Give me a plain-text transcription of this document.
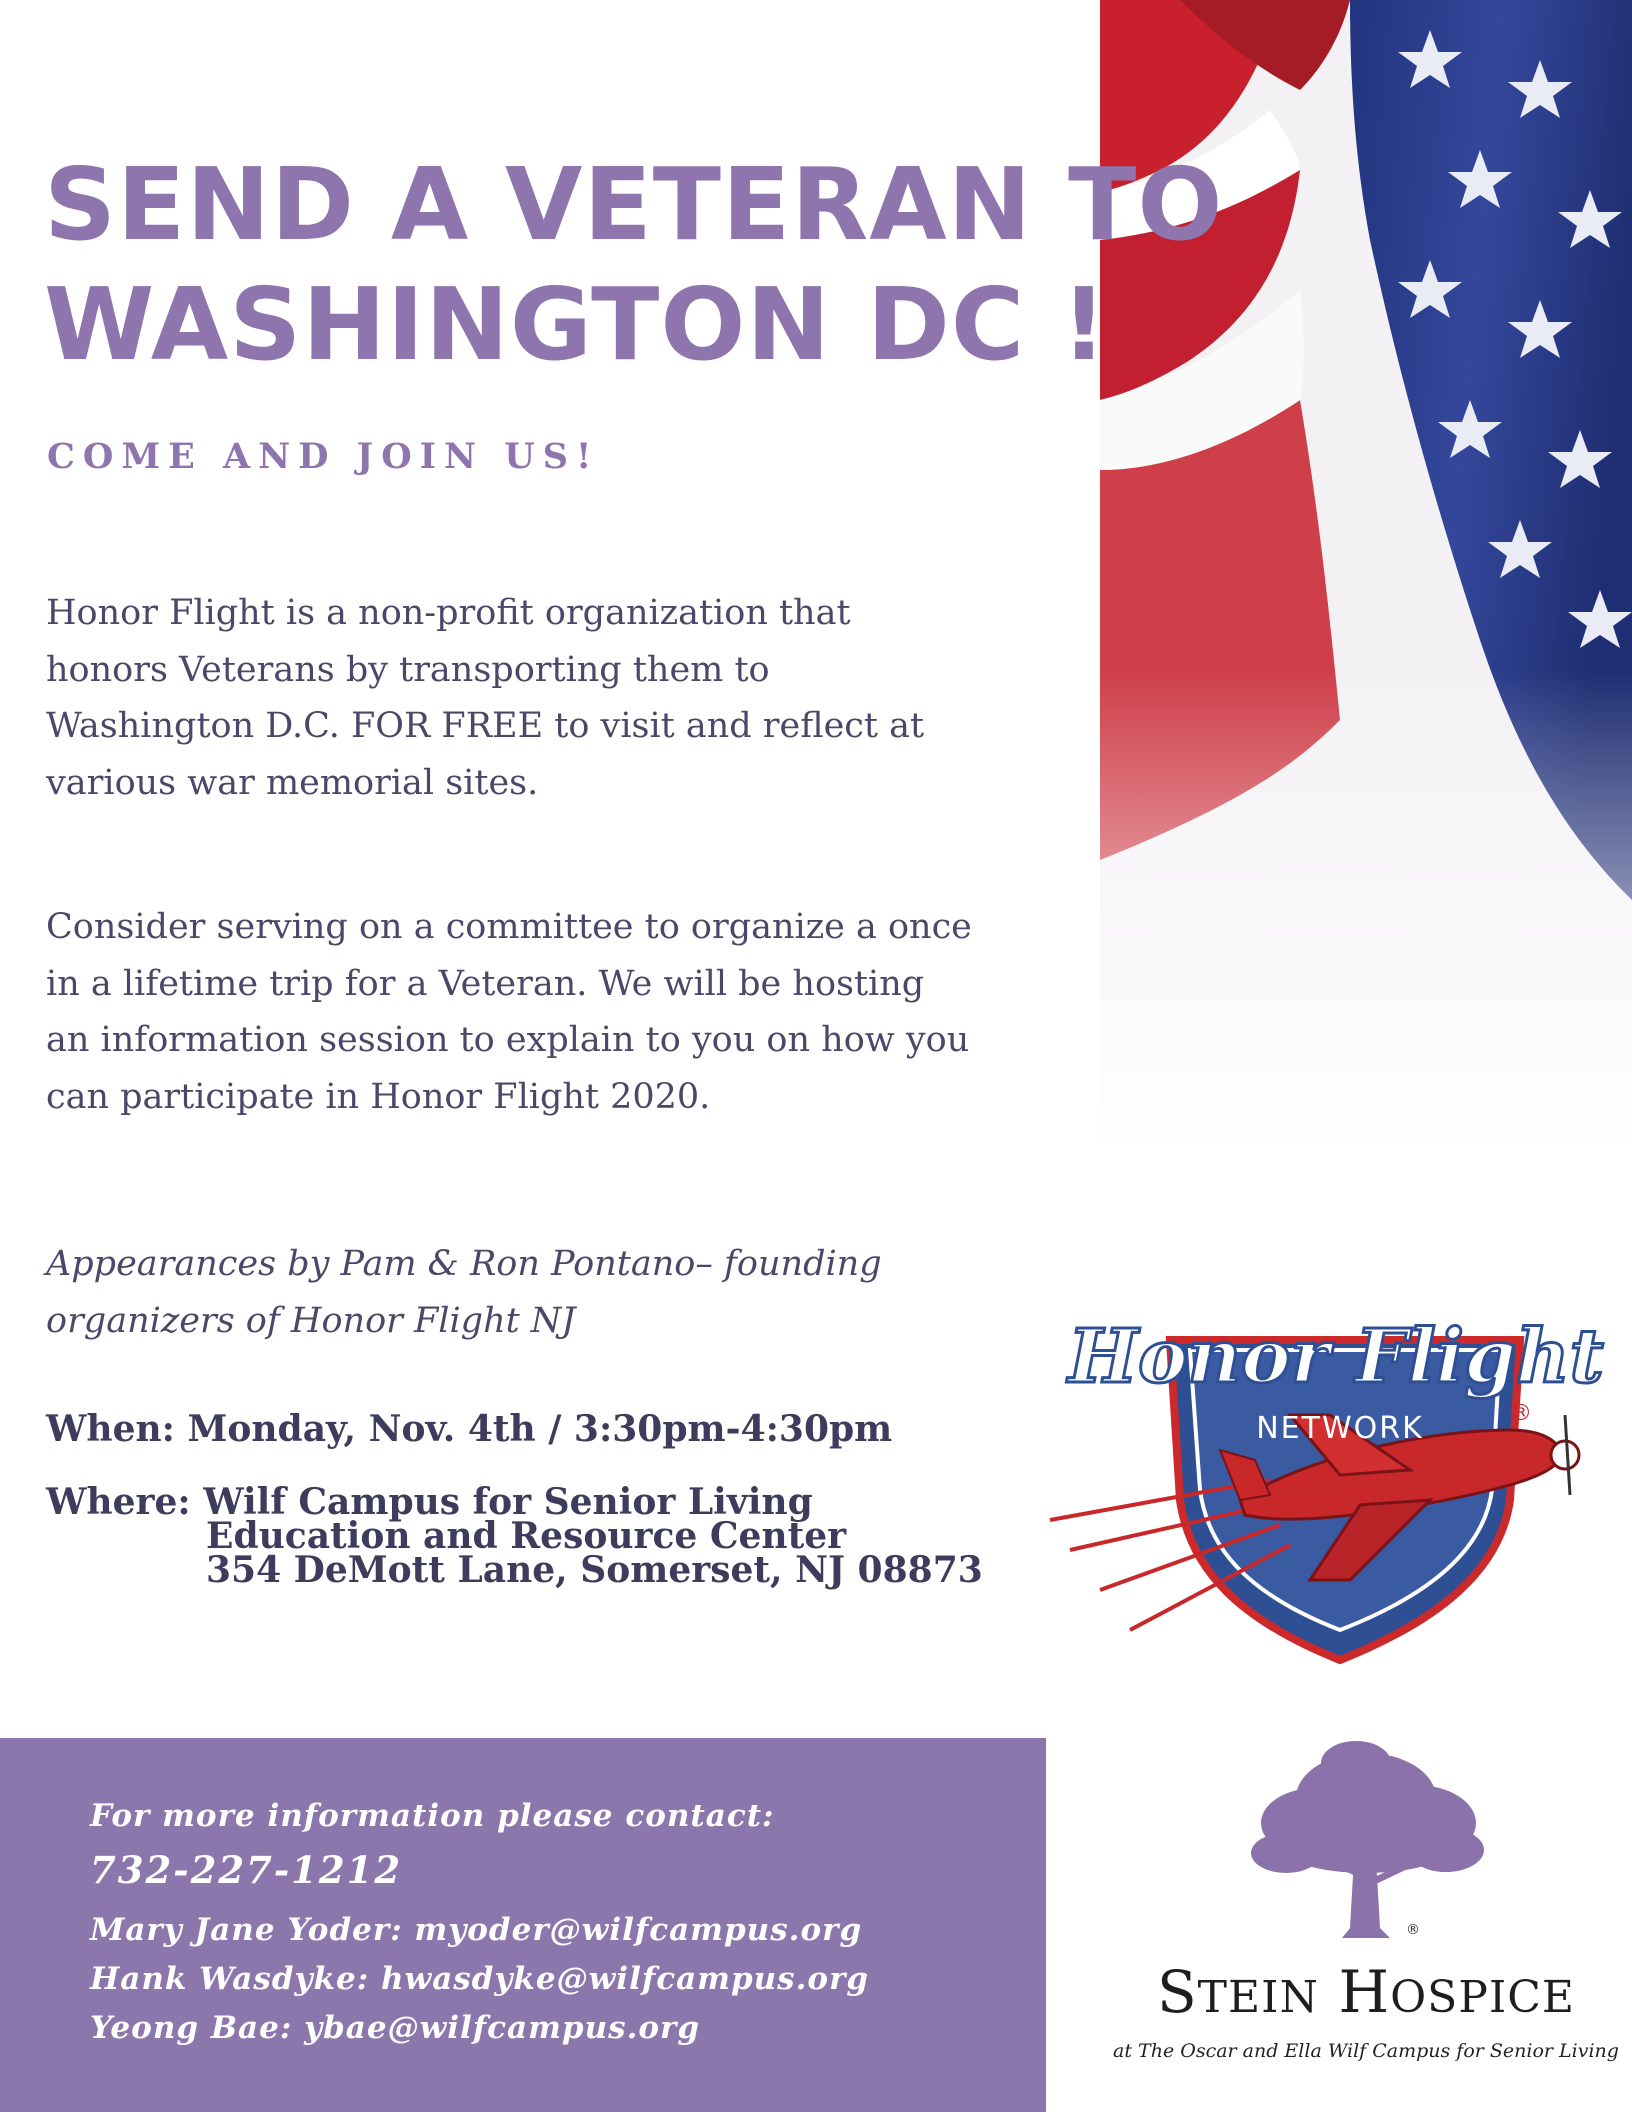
SEND A VETERAN TO
WASHINGTON DC !
COME AND JOIN US!
Honor Flight is a non-profit organization that honors Veterans by transporting them to Washington D.C. FOR FREE to visit and reflect at various war memorial sites.
Consider serving on a committee to organize a once in a lifetime trip for a Veteran. We will be hosting an information session to explain to you on how you can participate in Honor Flight 2020.
Appearances by Pam & Ron Pontano– founding organizers of Honor Flight NJ
When: Monday, Nov. 4th / 3:30pm-4:30pm
Where: Wilf Campus for Senior Living
Education and Resource Center
354 DeMott Lane, Somerset, NJ 08873
For more information please contact:
732-227-1212
Mary Jane Yoder: myoder@wilfcampus.org
Hank Wasdyke: hwasdyke@wilfcampus.org
Yeong Bae: ybae@wilfcampus.org
Honor Flight
NETWORK	®
®
STEIN HOSPICE
at The Oscar and Ella Wilf Campus for Senior Living
